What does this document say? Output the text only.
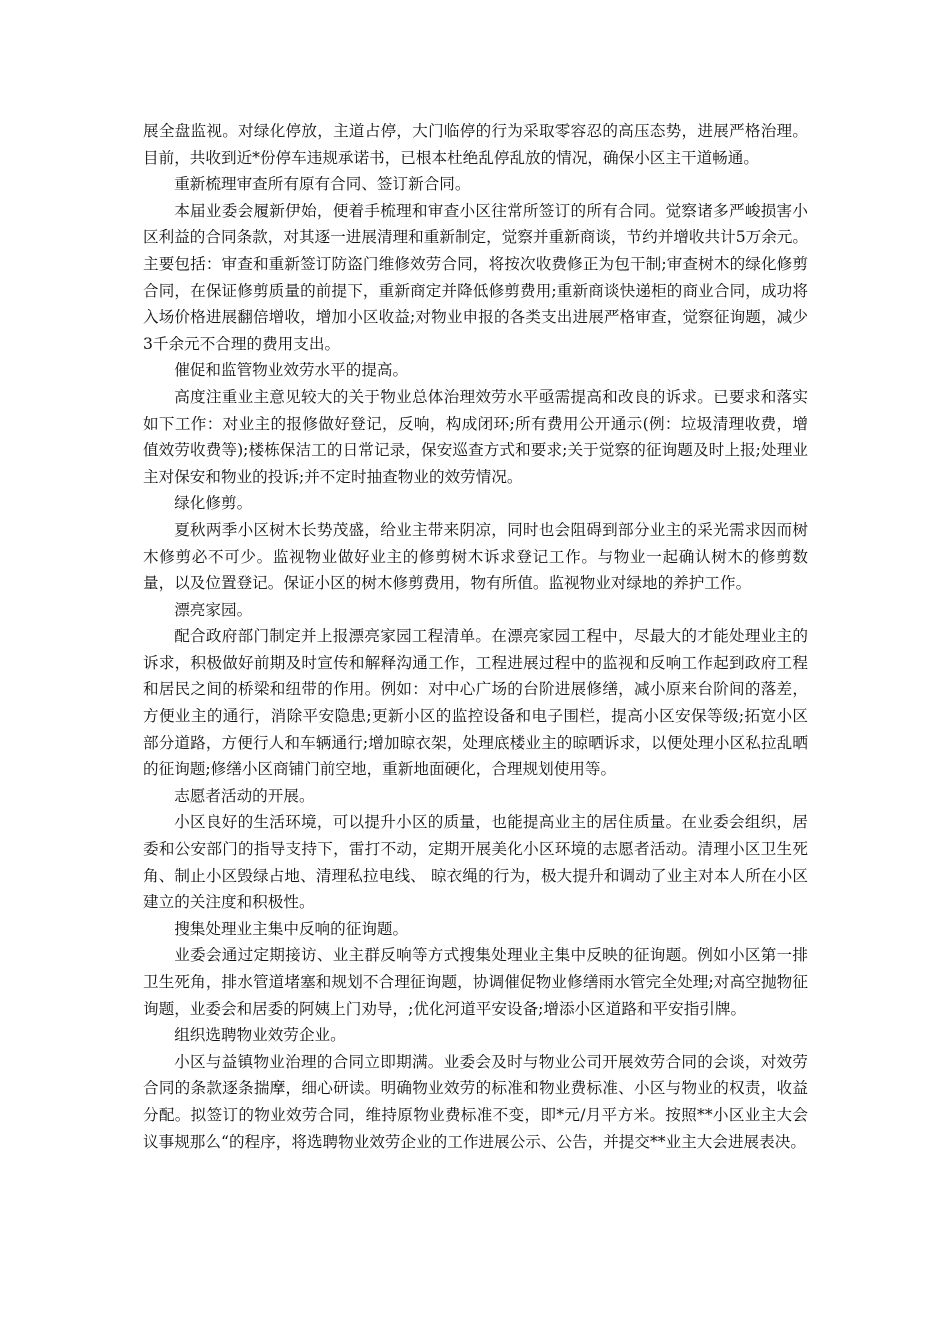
展全盘监视。对绿化停放，主道占停，大门临停的行为采取零容忍的高压态势，进展严格治理。目前，共收到近*份停车违规承诺书，已根本杜绝乱停乱放的情况，确保小区主干道畅通。

重新梳理审查所有原有合同、签订新合同。

本届业委会履新伊始，便着手梳理和审查小区往常所签订的所有合同。觉察诸多严峻损害小区利益的合同条款，对其逐一进展清理和重新制定，觉察并重新商谈，节约并增收共计5万余元。主要包括：审查和重新签订防盗门维修效劳合同，将按次收费修正为包干制;审查树木的绿化修剪合同，在保证修剪质量的前提下，重新商定并降低修剪费用;重新商谈快递柜的商业合同，成功将入场价格进展翻倍增收，增加小区收益;对物业申报的各类支出进展严格审查，觉察征询题，减少3千余元不合理的费用支出。

催促和监管物业效劳水平的提高。

高度注重业主意见较大的关于物业总体治理效劳水平亟需提高和改良的诉求。已要求和落实如下工作：对业主的报修做好登记，反响，构成闭环;所有费用公开通示(例：垃圾清理收费，增值效劳收费等);楼栋保洁工的日常记录，保安巡查方式和要求;关于觉察的征询题及时上报;处理业主对保安和物业的投诉;并不定时抽查物业的效劳情况。

绿化修剪。

夏秋两季小区树木长势茂盛，给业主带来阴凉，同时也会阻碍到部分业主的采光需求因而树木修剪必不可少。监视物业做好业主的修剪树木诉求登记工作。与物业一起确认树木的修剪数量，以及位置登记。保证小区的树木修剪费用，物有所值。监视物业对绿地的养护工作。

漂亮家园。

配合政府部门制定并上报漂亮家园工程清单。在漂亮家园工程中，尽最大的才能处理业主的诉求，积极做好前期及时宣传和解释沟通工作，工程进展过程中的监视和反响工作起到政府工程和居民之间的桥梁和纽带的作用。例如：对中心广场的台阶进展修缮，减小原来台阶间的落差，方便业主的通行，消除平安隐患;更新小区的监控设备和电子围栏，提高小区安保等级;拓宽小区部分道路，方便行人和车辆通行;增加晾衣架，处理底楼业主的晾晒诉求，以便处理小区私拉乱晒的征询题;修缮小区商铺门前空地，重新地面硬化，合理规划使用等。

志愿者活动的开展。

小区良好的生活环境，可以提升小区的质量，也能提高业主的居住质量。在业委会组织，居委和公安部门的指导支持下，雷打不动，定期开展美化小区环境的志愿者活动。清理小区卫生死角、制止小区毁绿占地、清理私拉电线、 晾衣绳的行为，极大提升和调动了业主对本人所在小区建立的关注度和积极性。

搜集处理业主集中反响的征询题。

业委会通过定期接访、业主群反响等方式搜集处理业主集中反映的征询题。例如小区第一排卫生死角，排水管道堵塞和规划不合理征询题，协调催促物业修缮雨水管完全处理;对高空抛物征询题，业委会和居委的阿姨上门劝导，;优化河道平安设备;增添小区道路和平安指引牌。

组织选聘物业效劳企业。

小区与益镇物业治理的合同立即期满。业委会及时与物业公司开展效劳合同的会谈，对效劳合同的条款逐条揣摩，细心研读。明确物业效劳的标准和物业费标准、小区与物业的权责，收益分配。拟签订的物业效劳合同，维持原物业费标准不变，即*元/月平方米。按照**小区业主大会议事规那么“的程序，将选聘物业效劳企业的工作进展公示、公告，并提交**业主大会进展表决。
